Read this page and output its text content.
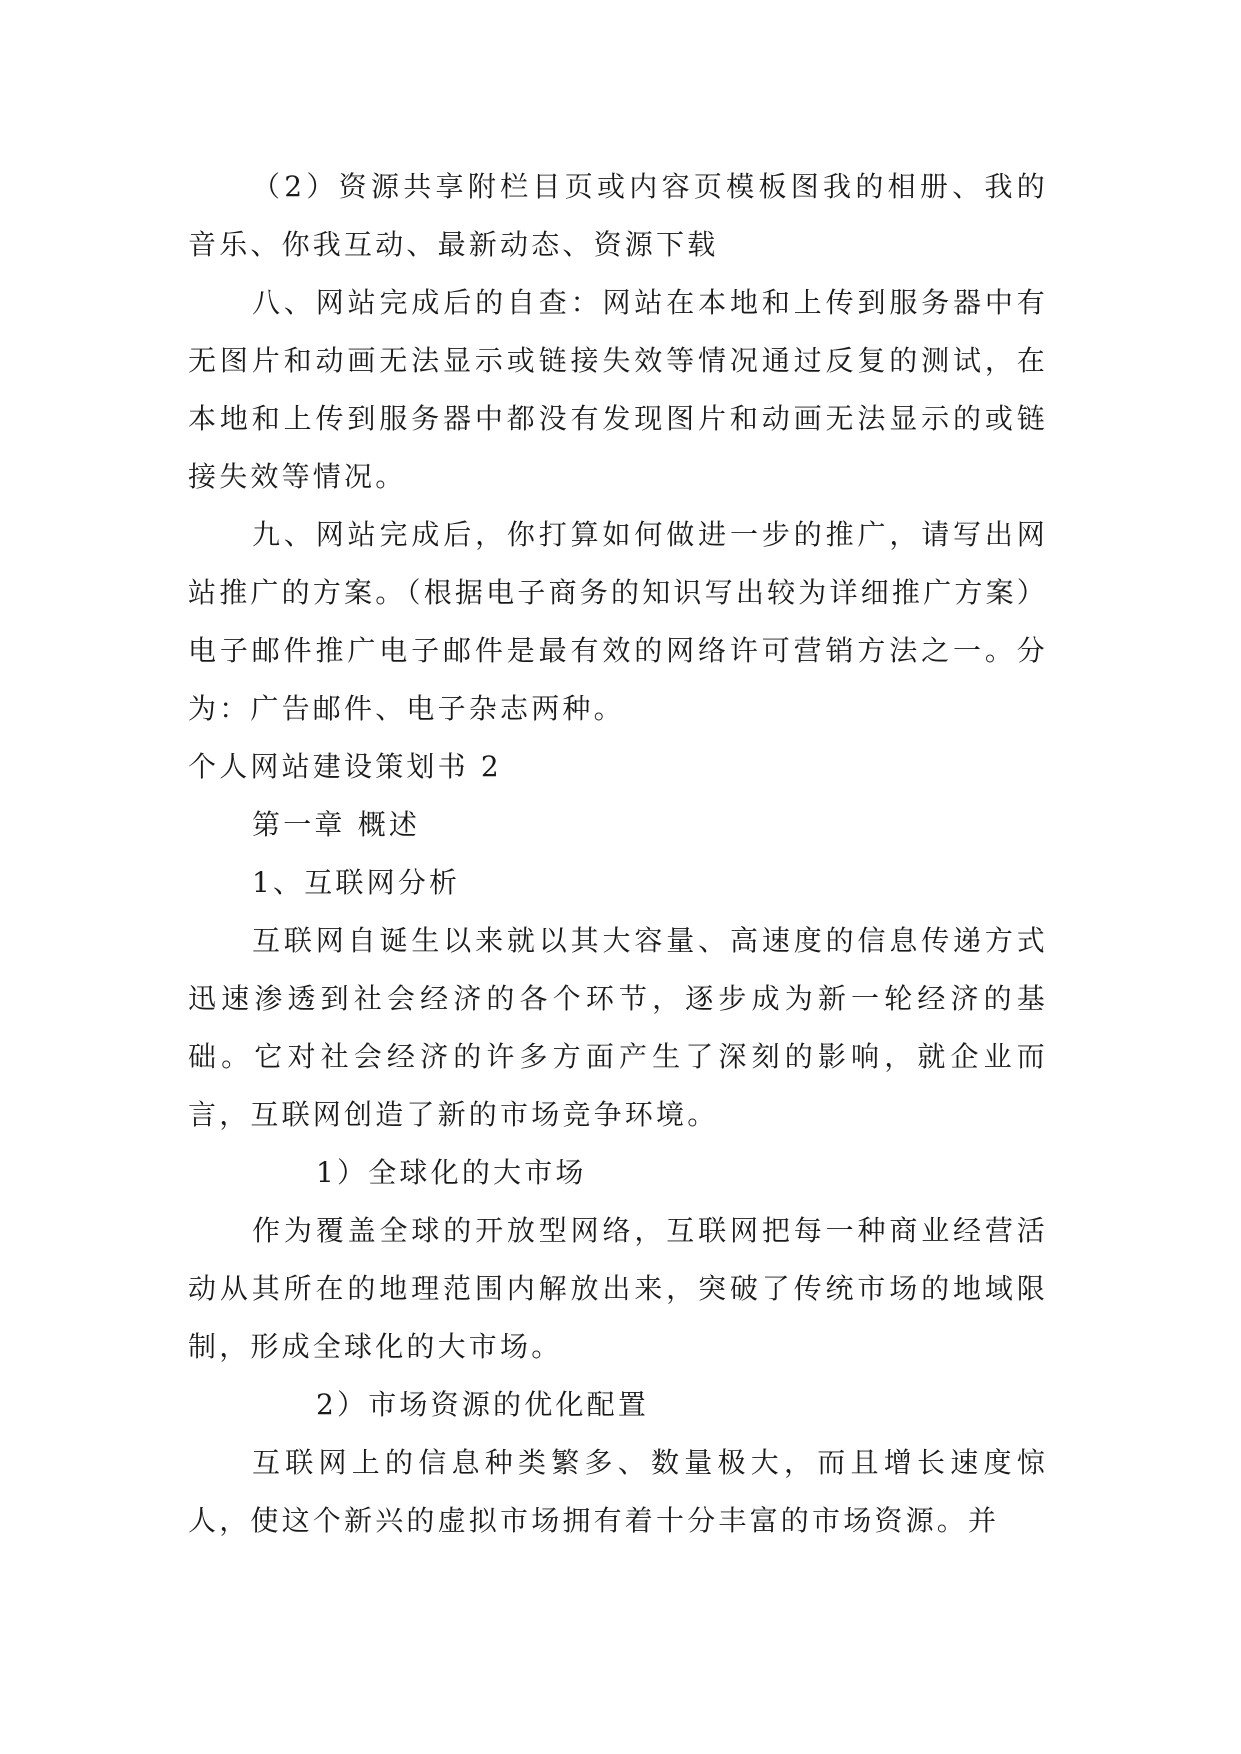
（2）资源共享附栏目页或内容页模板图我的相册、我的音乐、你我互动、最新动态、资源下载

八、网站完成后的自查：网站在本地和上传到服务器中有无图片和动画无法显示或链接失效等情况通过反复的测试，在本地和上传到服务器中都没有发现图片和动画无法显示的或链接失效等情况。

九、网站完成后，你打算如何做进一步的推广，请写出网站推广的方案。（根据电子商务的知识写出较为详细推广方案）电子邮件推广电子邮件是最有效的网络许可营销方法之一。分为：广告邮件、电子杂志两种。

个人网站建设策划书 2

第一章 概述

1、互联网分析

互联网自诞生以来就以其大容量、高速度的信息传递方式迅速渗透到社会经济的各个环节，逐步成为新一轮经济的基础。它对社会经济的许多方面产生了深刻的影响，就企业而言，互联网创造了新的市场竞争环境。

1）全球化的大市场

作为覆盖全球的开放型网络，互联网把每一种商业经营活动从其所在的地理范围内解放出来，突破了传统市场的地域限制，形成全球化的大市场。

2）市场资源的优化配置

互联网上的信息种类繁多、数量极大，而且增长速度惊人，使这个新兴的虚拟市场拥有着十分丰富的市场资源。并
